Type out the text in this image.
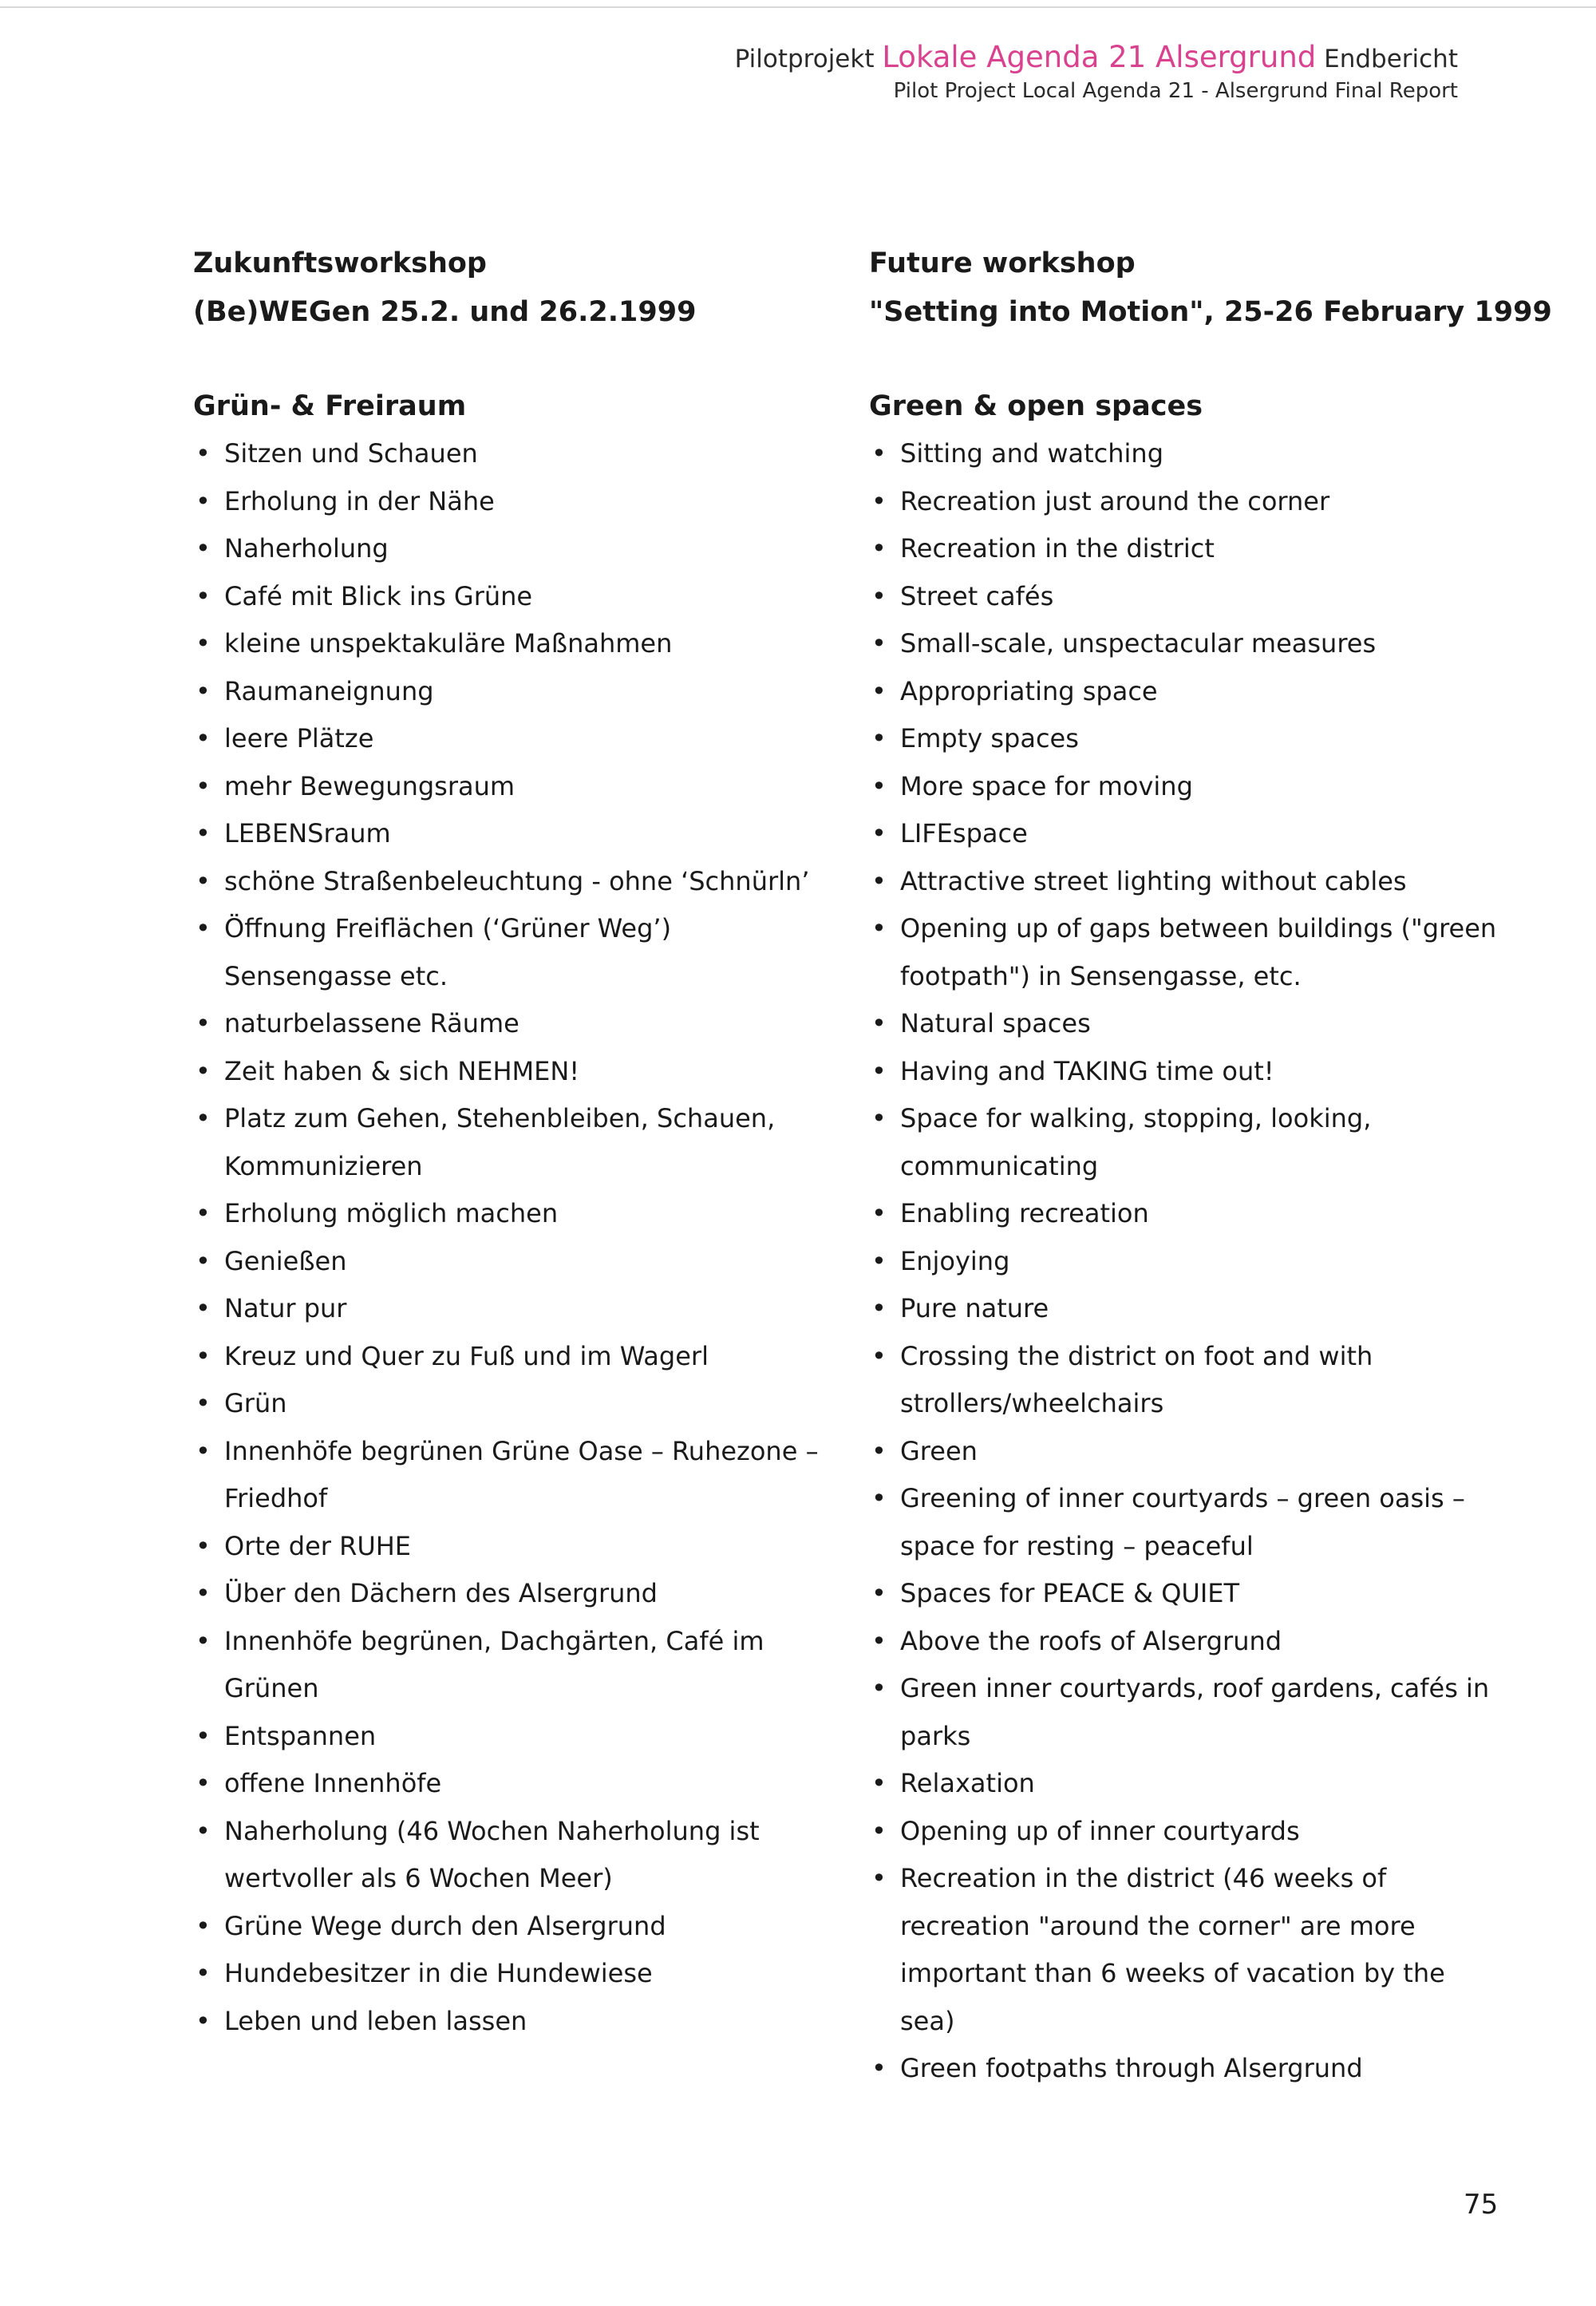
Pilotprojekt Lokale Agenda 21 Alsergrund Endbericht
Pilot Project Local Agenda 21 - Alsergrund Final Report
Zukunftsworkshop
(Be)WEGen 25.2. und 26.2.1999
Grün- & Freiraum
• Sitzen und Schauen
• Erholung in der Nähe
• Naherholung
• Café mit Blick ins Grüne
• kleine unspektakuläre Maßnahmen
• Raumaneignung
• leere Plätze
• mehr Bewegungsraum
• LEBENSraum
• schöne Straßenbeleuchtung - ohne ‘Schnürln’
• Öffnung Freiflächen (‘Grüner Weg’) Sensengasse etc.
• naturbelassene Räume
• Zeit haben & sich NEHMEN!
• Platz zum Gehen, Stehenbleiben, Schauen, Kommunizieren
• Erholung möglich machen
• Genießen
• Natur pur
• Kreuz und Quer zu Fuß und im Wagerl
• Grün
• Innenhöfe begrünen Grüne Oase – Ruhezone – Friedhof
• Orte der RUHE
• Über den Dächern des Alsergrund
• Innenhöfe begrünen, Dachgärten, Café im Grünen
• Entspannen
• offene Innenhöfe
• Naherholung (46 Wochen Naherholung ist wertvoller als 6 Wochen Meer)
• Grüne Wege durch den Alsergrund
• Hundebesitzer in die Hundewiese
• Leben und leben lassen
Future workshop
"Setting into Motion", 25-26 February 1999
Green & open spaces
• Sitting and watching
• Recreation just around the corner
• Recreation in the district
• Street cafés
• Small-scale, unspectacular measures
• Appropriating space
• Empty spaces
• More space for moving
• LIFEspace
• Attractive street lighting without cables
• Opening up of gaps between buildings ("green footpath") in Sensengasse, etc.
• Natural spaces
• Having and TAKING time out!
• Space for walking, stopping, looking, communicating
• Enabling recreation
• Enjoying
• Pure nature
• Crossing the district on foot and with strollers/wheelchairs
• Green
• Greening of inner courtyards – green oasis – space for resting – peaceful
• Spaces for PEACE & QUIET
• Above the roofs of Alsergrund
• Green inner courtyards, roof gardens, cafés in parks
• Relaxation
• Opening up of inner courtyards
• Recreation in the district (46 weeks of recreation "around the corner" are more important than 6 weeks of vacation by the sea)
• Green footpaths through Alsergrund
75
